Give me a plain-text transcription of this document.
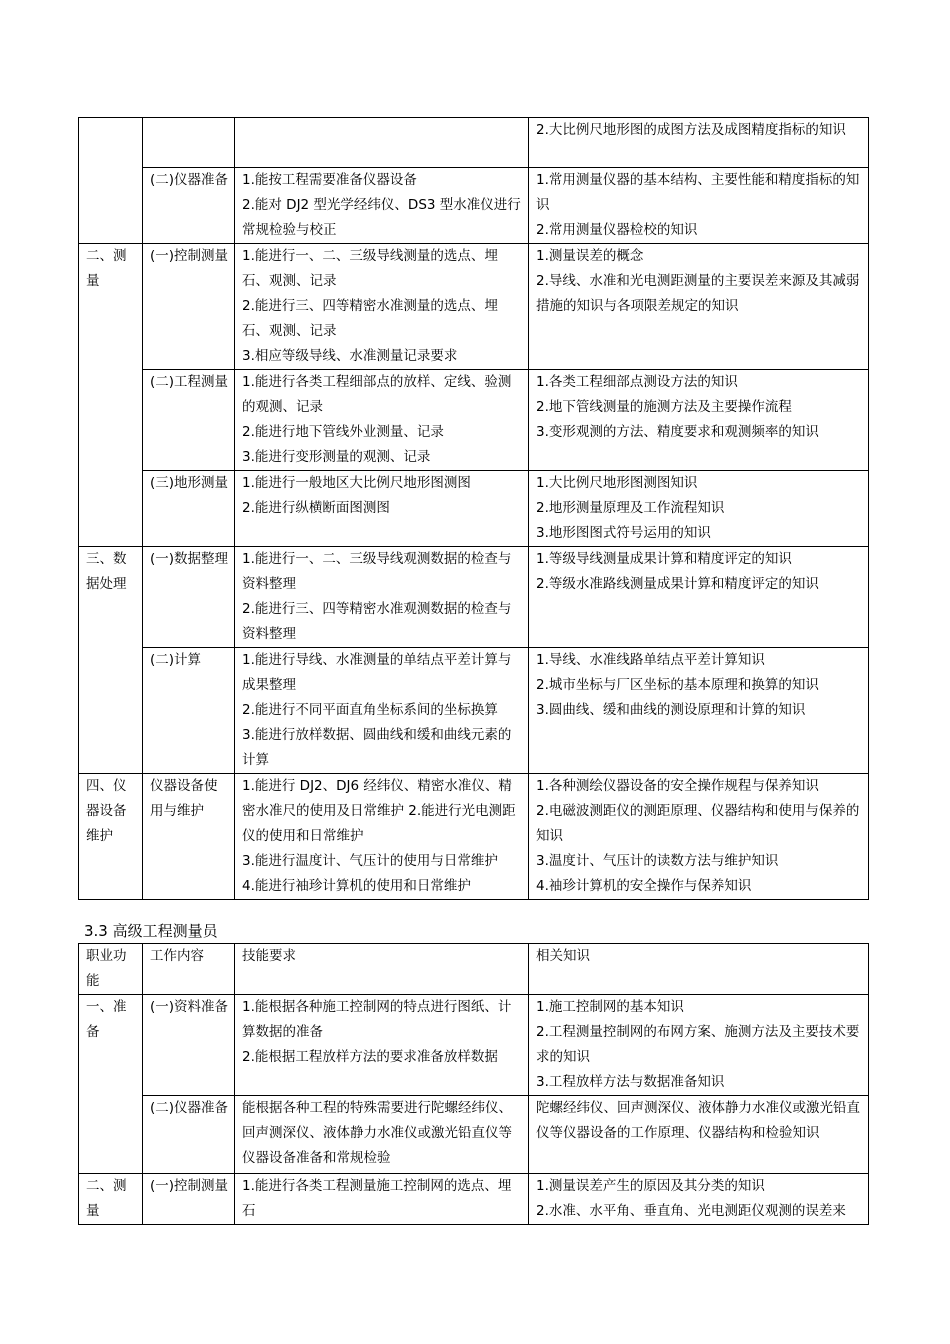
			2.大比例尺地形图的成图方法及成图精度指标的知识

	(二)仪器准备	1.能按工程需要准备仪器设备
2.能对 DJ2 型光学经纬仪、DS3 型水准仪进行常规检验与校正	1.常用测量仪器的基本结构、主要性能和精度指标的知识
2.常用测量仪器检校的知识

二、测量	(一)控制测量	1.能进行一、二、三级导线测量的选点、埋石、观测、记录
2.能进行三、四等精密水准测量的选点、埋石、观测、记录
3.相应等级导线、水准测量记录要求	1.测量误差的概念
2.导线、水准和光电测距测量的主要误差来源及其减弱措施的知识与各项限差规定的知识

	(二)工程测量	1.能进行各类工程细部点的放样、定线、验测的观测、记录
2.能进行地下管线外业测量、记录
3.能进行变形测量的观测、记录	1.各类工程细部点测设方法的知识
2.地下管线测量的施测方法及主要操作流程
3.变形观测的方法、精度要求和观测频率的知识

	(三)地形测量	1.能进行一般地区大比例尺地形图测图
2.能进行纵横断面图测图	1.大比例尺地形图测图知识
2.地形测量原理及工作流程知识
3.地形图图式符号运用的知识

三、数据处理	(一)数据整理	1.能进行一、二、三级导线观测数据的检查与资料整理
2.能进行三、四等精密水准观测数据的检查与资料整理	1.等级导线测量成果计算和精度评定的知识
2.等级水准路线测量成果计算和精度评定的知识

	(二)计算	1.能进行导线、水准测量的单结点平差计算与成果整理
2.能进行不同平面直角坐标系间的坐标换算
3.能进行放样数据、圆曲线和缓和曲线元素的计算	1.导线、水准线路单结点平差计算知识
2.城市坐标与厂区坐标的基本原理和换算的知识
3.圆曲线、缓和曲线的测设原理和计算的知识

四、仪器设备维护	仪器设备使用与维护	1.能进行 DJ2、DJ6 经纬仪、精密水准仪、精密水准尺的使用及日常维护 2.能进行光电测距仪的使用和日常维护
3.能进行温度计、气压计的使用与日常维护
4.能进行袖珍计算机的使用和日常维护	1.各种测绘仪器设备的安全操作规程与保养知识
2.电磁波测距仪的测距原理、仪器结构和使用与保养的知识
3.温度计、气压计的读数方法与维护知识
4.袖珍计算机的安全操作与保养知识
3.3 高级工程测量员
职业功能	工作内容	技能要求	相关知识
一、准备	(一)资料准备	1.能根据各种施工控制网的特点进行图纸、计算数据的准备
2.能根据工程放样方法的要求准备放样数据	1.施工控制网的基本知识
2.工程测量控制网的布网方案、施测方法及主要技术要求的知识
3.工程放样方法与数据准备知识

	(二)仪器准备	能根据各种工程的特殊需要进行陀螺经纬仪、回声测深仪、液体静力水准仪或激光铅直仪等仪器设备准备和常规检验	陀螺经纬仪、回声测深仪、液体静力水准仪或激光铅直仪等仪器设备的工作原理、仪器结构和检验知识

二、测量	(一)控制测量	1.能进行各类工程测量施工控制网的选点、埋石	1.测量误差产生的原因及其分类的知识
2.水准、水平角、垂直角、光电测距仪观测的误差来
